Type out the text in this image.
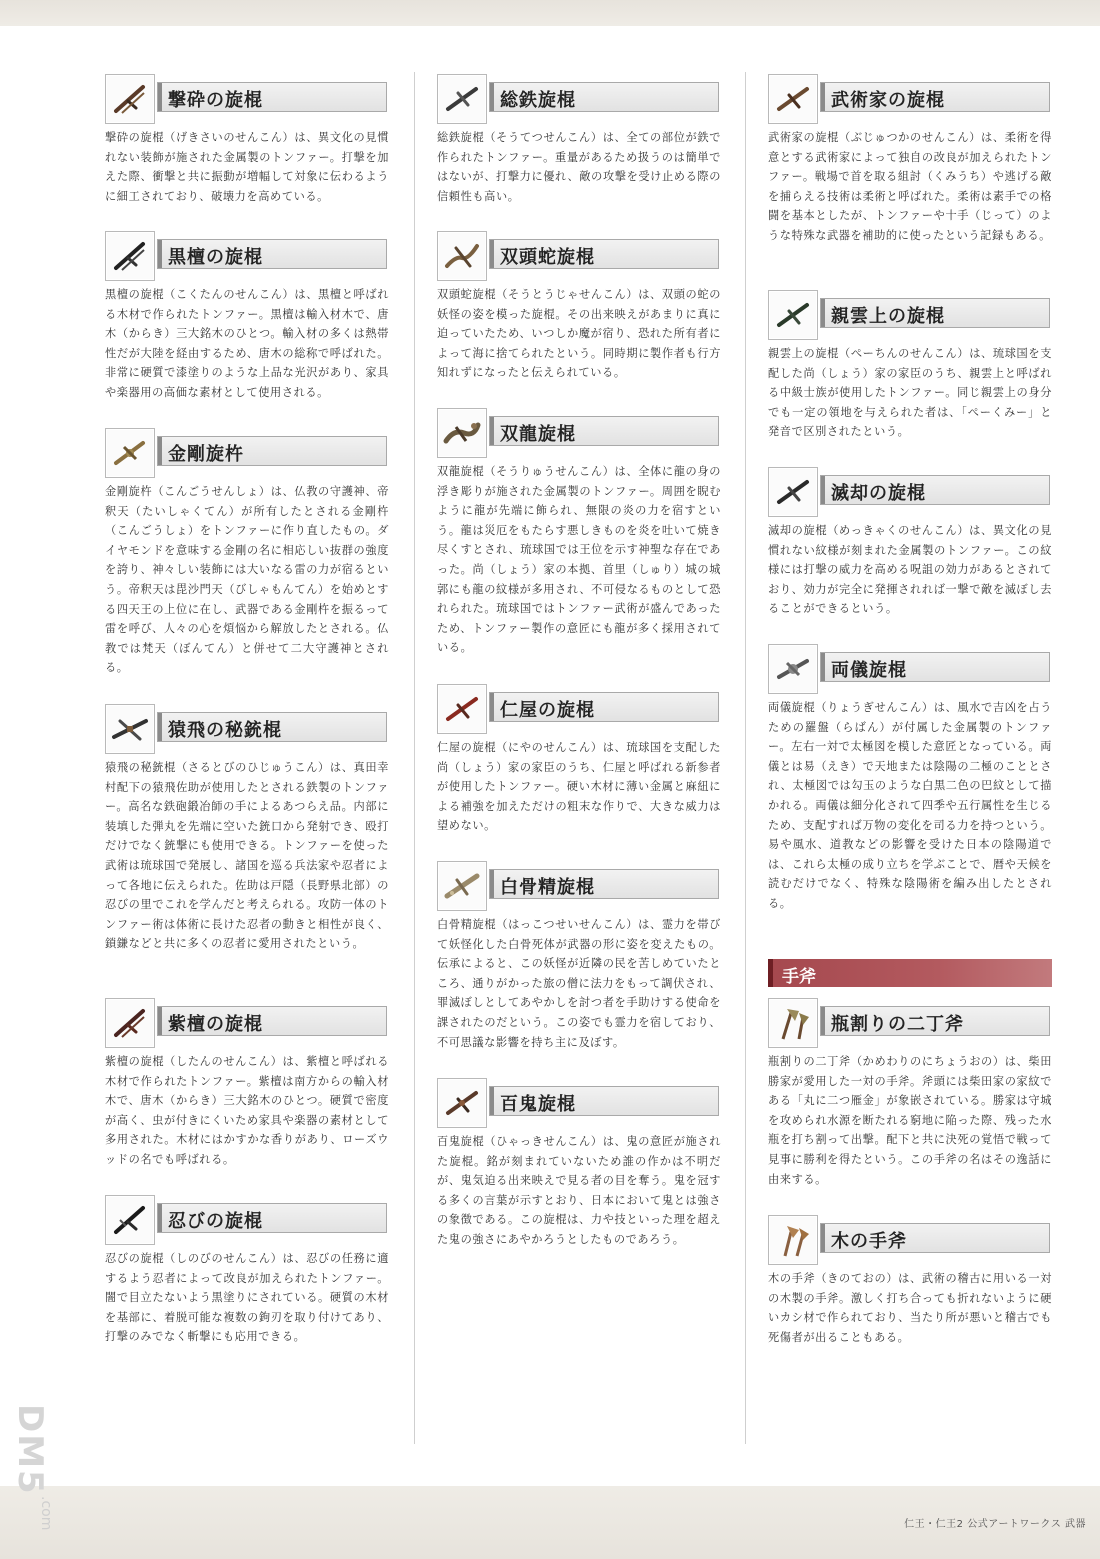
撃砕の旋棍
撃砕の旋棍（げきさいのせんこん）は、異文化の見慣れない装飾が施された金属製のトンファー。打撃を加えた際、衝撃と共に振動が増幅して対象に伝わるように細工されており、破壊力を高めている。
黒檀の旋棍
黒檀の旋棍（こくたんのせんこん）は、黒檀と呼ばれる木材で作られたトンファー。黒檀は輸入材木で、唐木（からき）三大銘木のひとつ。輸入材の多くは熱帯性だが大陸を経由するため、唐木の総称で呼ばれた。非常に硬質で漆塗りのような上品な光沢があり、家具や楽器用の高価な素材として使用される。
金剛旋杵
金剛旋杵（こんごうせんしょ）は、仏教の守護神、帝釈天（たいしゃくてん）が所有したとされる金剛杵（こんごうしょ）をトンファーに作り直したもの。ダイヤモンドを意味する金剛の名に相応しい抜群の強度を誇り、神々しい装飾には大いなる雷の力が宿るという。帝釈天は毘沙門天（びしゃもんてん）を始めとする四天王の上位に在し、武器である金剛杵を振るって雷を呼び、人々の心を煩悩から解放したとされる。仏教では梵天（ぼんてん）と併せて二大守護神とされる。
猿飛の秘銃棍
猿飛の秘銃棍（さるとびのひじゅうこん）は、真田幸村配下の猿飛佐助が使用したとされる鉄製のトンファー。高名な鉄砲鍛冶師の手によるあつらえ品。内部に装填した弾丸を先端に空いた銃口から発射でき、殴打だけでなく銃撃にも使用できる。トンファーを使った武術は琉球国で発展し、諸国を巡る兵法家や忍者によって各地に伝えられた。佐助は戸隠（長野県北部）の忍びの里でこれを学んだと考えられる。攻防一体のトンファー術は体術に長けた忍者の動きと相性が良く、鎖鎌などと共に多くの忍者に愛用されたという。
紫檀の旋棍
紫檀の旋棍（したんのせんこん）は、紫檀と呼ばれる木材で作られたトンファー。紫檀は南方からの輸入材木で、唐木（からき）三大銘木のひとつ。硬質で密度が高く、虫が付きにくいため家具や楽器の素材として多用された。木材にはかすかな香りがあり、ローズウッドの名でも呼ばれる。
忍びの旋棍
忍びの旋棍（しのびのせんこん）は、忍びの任務に適するよう忍者によって改良が加えられたトンファー。闇で目立たないよう黒塗りにされている。硬質の木材を基部に、着脱可能な複数の鉤刃を取り付けてあり、打撃のみでなく斬撃にも応用できる。
総鉄旋棍
総鉄旋棍（そうてつせんこん）は、全ての部位が鉄で作られたトンファー。重量があるため扱うのは簡単ではないが、打撃力に優れ、敵の攻撃を受け止める際の信頼性も高い。
双頭蛇旋棍
双頭蛇旋棍（そうとうじゃせんこん）は、双頭の蛇の妖怪の姿を模った旋棍。その出来映えがあまりに真に迫っていたため、いつしか魔が宿り、恐れた所有者によって海に捨てられたという。同時期に製作者も行方知れずになったと伝えられている。
双龍旋棍
双龍旋棍（そうりゅうせんこん）は、全体に龍の身の浮き彫りが施された金属製のトンファー。周囲を睨むように龍が先端に飾られ、無限の炎の力を宿すという。龍は災厄をもたらす悪しきものを炎を吐いて焼き尽くすとされ、琉球国では王位を示す神聖な存在であった。尚（しょう）家の本拠、首里（しゅり）城の城郭にも龍の紋様が多用され、不可侵なるものとして恐れられた。琉球国ではトンファー武術が盛んであったため、トンファー製作の意匠にも龍が多く採用されている。
仁屋の旋棍
仁屋の旋棍（にやのせんこん）は、琉球国を支配した尚（しょう）家の家臣のうち、仁屋と呼ばれる新参者が使用したトンファー。硬い木材に薄い金属と麻紐による補強を加えただけの粗末な作りで、大きな威力は望めない。
白骨精旋棍
白骨精旋棍（はっこつせいせんこん）は、霊力を帯びて妖怪化した白骨死体が武器の形に姿を変えたもの。伝承によると、この妖怪が近隣の民を苦しめていたところ、通りがかった旅の僧に法力をもって調伏され、罪滅ぼしとしてあやかしを討つ者を手助けする使命を課されたのだという。この姿でも霊力を宿しており、不可思議な影響を持ち主に及ぼす。
百鬼旋棍
百鬼旋棍（ひゃっきせんこん）は、鬼の意匠が施された旋棍。銘が刻まれていないため誰の作かは不明だが、鬼気迫る出来映えで見る者の目を奪う。鬼を冠する多くの言葉が示すとおり、日本において鬼とは強さの象徴である。この旋棍は、力や技といった理を超えた鬼の強さにあやかろうとしたものであろう。
武術家の旋棍
武術家の旋棍（ぶじゅつかのせんこん）は、柔術を得意とする武術家によって独自の改良が加えられたトンファー。戦場で首を取る組討（くみうち）や逃げる敵を捕らえる技術は柔術と呼ばれた。柔術は素手での格闘を基本としたが、トンファーや十手（じって）のような特殊な武器を補助的に使ったという記録もある。
親雲上の旋棍
親雲上の旋棍（ぺーちんのせんこん）は、琉球国を支配した尚（しょう）家の家臣のうち、親雲上と呼ばれる中級士族が使用したトンファー。同じ親雲上の身分でも一定の領地を与えられた者は、「ぺーくみー」と発音で区別されたという。
滅却の旋棍
滅却の旋棍（めっきゃくのせんこん）は、異文化の見慣れない紋様が刻まれた金属製のトンファー。この紋様には打撃の威力を高める呪詛の効力があるとされており、効力が完全に発揮されれば一撃で敵を滅ぼし去ることができるという。
両儀旋棍
両儀旋棍（りょうぎせんこん）は、風水で吉凶を占うための羅盤（らばん）が付属した金属製のトンファー。左右一対で太極図を模した意匠となっている。両儀とは易（えき）で天地または陰陽の二極のこととされ、太極図では勾玉のような白黒二色の巴紋として描かれる。両儀は細分化されて四季や五行属性を生じるため、支配すれば万物の変化を司る力を持つという。易や風水、道教などの影響を受けた日本の陰陽道では、これら太極の成り立ちを学ぶことで、暦や天候を読むだけでなく、特殊な陰陽術を編み出したとされる。
手斧
瓶割りの二丁斧
瓶割りの二丁斧（かめわりのにちょうおの）は、柴田勝家が愛用した一対の手斧。斧頭には柴田家の家紋である「丸に二つ雁金」が象嵌されている。勝家は守城を攻められ水源を断たれる窮地に陥った際、残った水瓶を打ち割って出撃。配下と共に決死の覚悟で戦って見事に勝利を得たという。この手斧の名はその逸話に由来する。
木の手斧
木の手斧（きのておの）は、武術の稽古に用いる一対の木製の手斧。激しく打ち合っても折れないように硬いカシ材で作られており、当たり所が悪いと稽古でも死傷者が出ることもある。
DM5
.com	仁王・仁王2 公式アートワークス 武器
